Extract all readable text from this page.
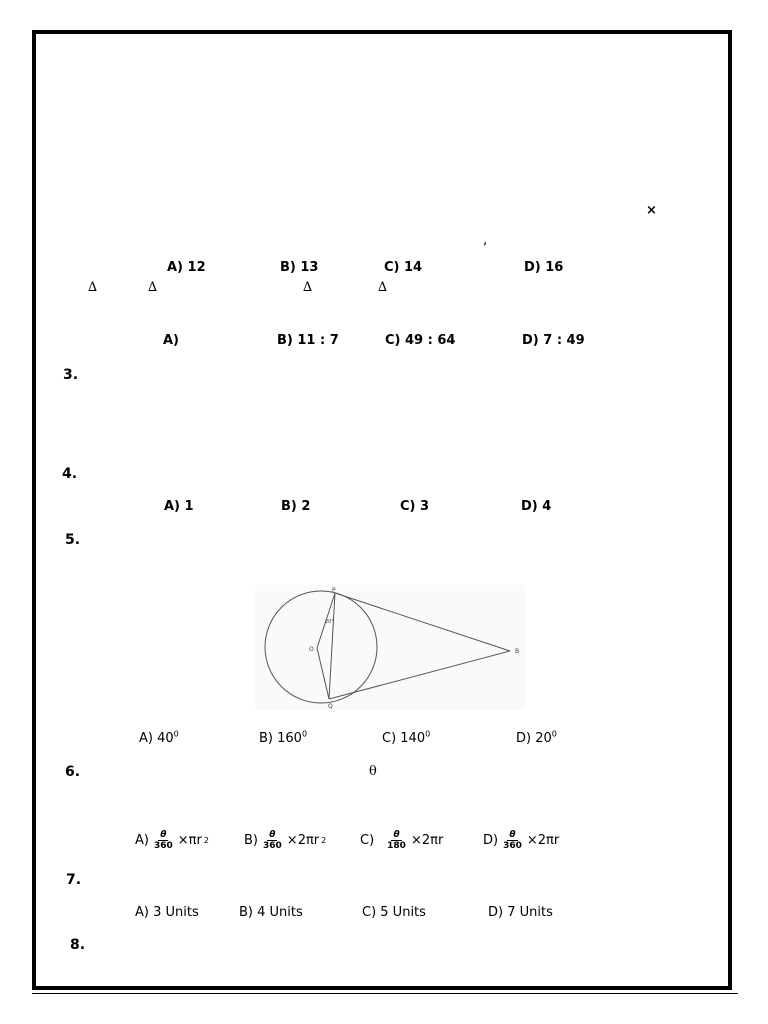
×
,
A) 12	B) 13	C) 14	D) 16
∆	∆	∆	∆
A)	B) 11 : 7	C) 49 : 64	D) 7 : 49
3.
4.
A) 1	B) 2	C) 3	D) 4
5.
P
O
Q
B
20°
A) $40^0$	B) $160^0$	C) $140^0$	D) $20^0$
6.	θ
$A) \frac{\theta}{360} \times\pi r$ 2	$B) \frac{\theta}{360} \times 2\pi r$ 2	$C) \frac{\theta}{180} \times 2\pi r$	$D) \frac{\theta}{360} \times 2\pi r$
7.
A) 3 Units	B) 4 Units	C) 5 Units	D) 7 Units
8.
